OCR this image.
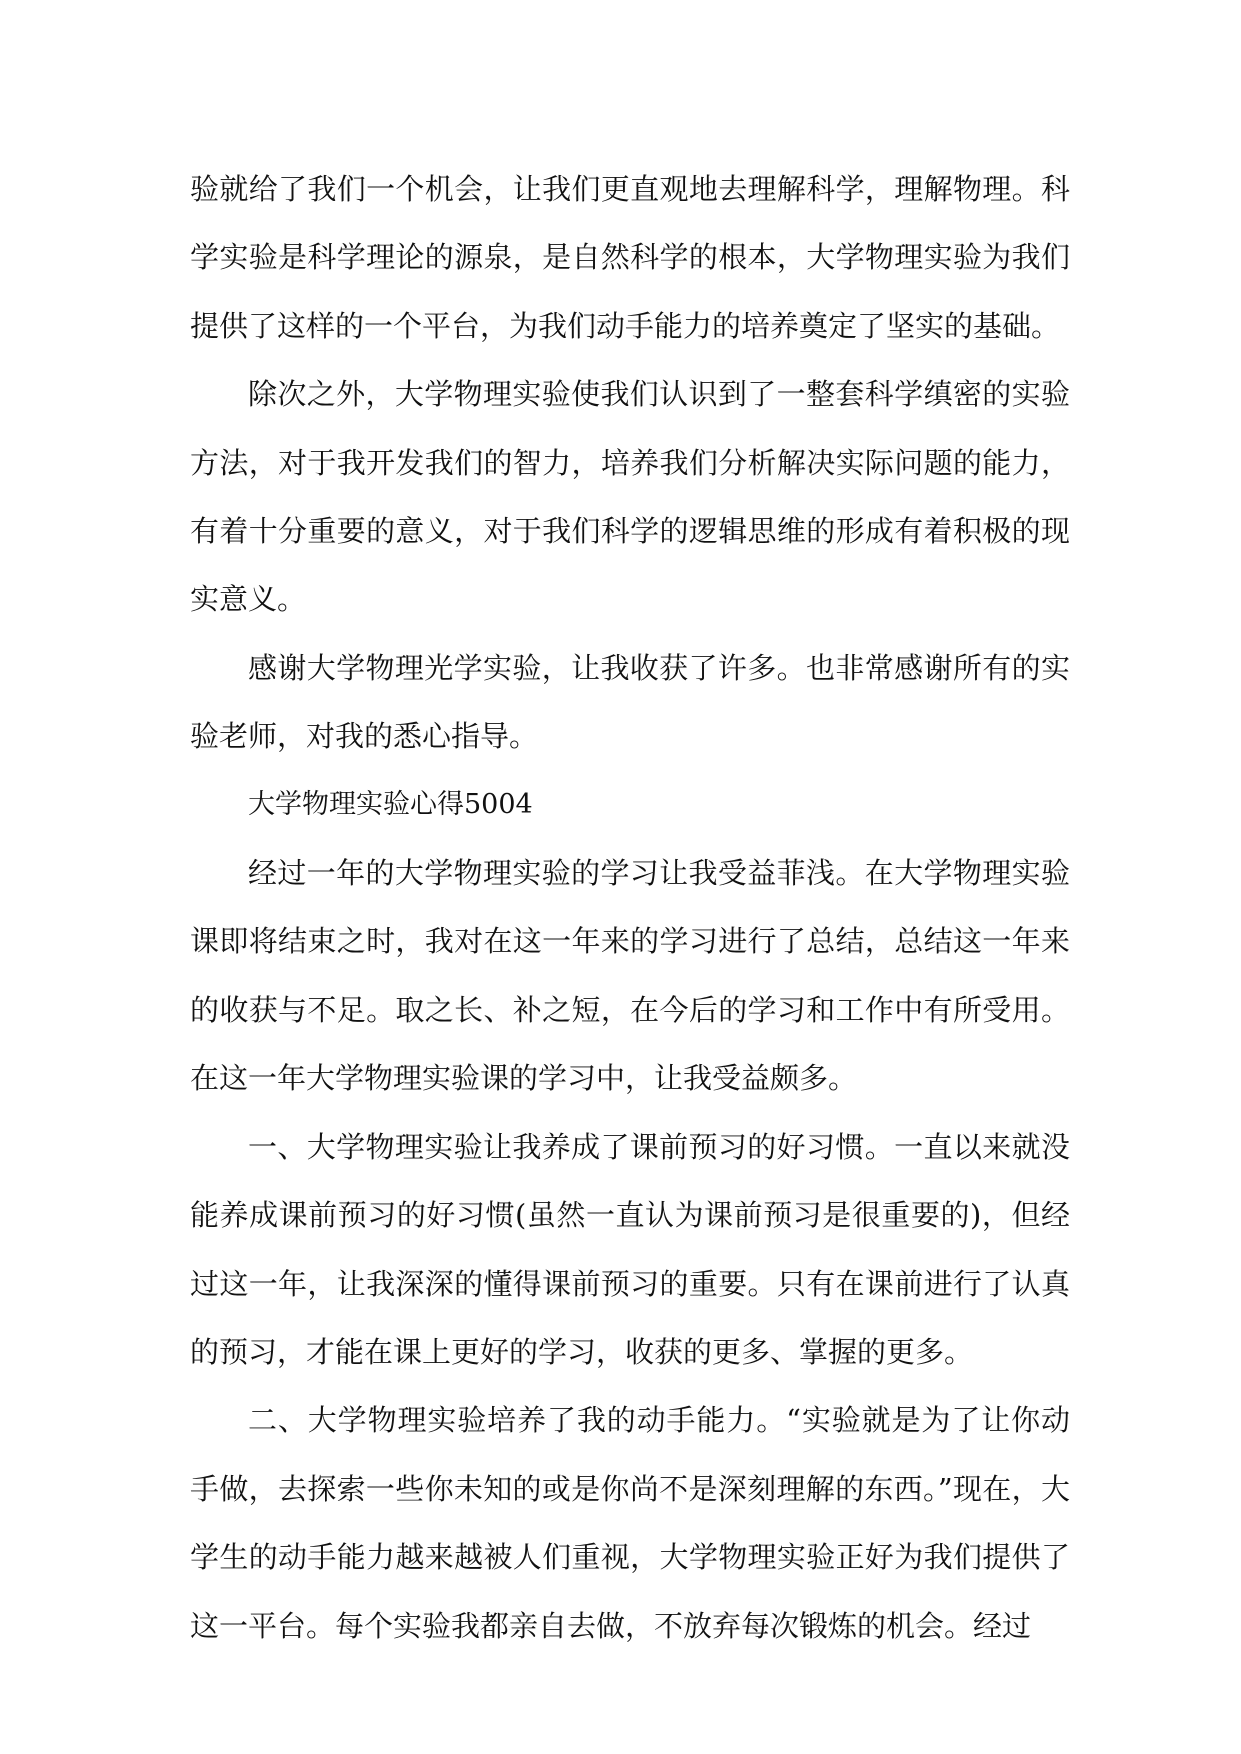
验就给了我们一个机会，让我们更直观地去理解科学，理解物理。科学实验是科学理论的源泉，是自然科学的根本，大学物理实验为我们提供了这样的一个平台，为我们动手能力的培养奠定了坚实的基础。

除次之外，大学物理实验使我们认识到了一整套科学缜密的实验方法，对于我开发我们的智力，培养我们分析解决实际问题的能力，有着十分重要的意义，对于我们科学的逻辑思维的形成有着积极的现实意义。

感谢大学物理光学实验，让我收获了许多。也非常感谢所有的实验老师，对我的悉心指导。

大学物理实验心得5004

经过一年的大学物理实验的学习让我受益菲浅。在大学物理实验课即将结束之时，我对在这一年来的学习进行了总结，总结这一年来的收获与不足。取之长、补之短，在今后的学习和工作中有所受用。在这一年大学物理实验课的学习中，让我受益颇多。

一、大学物理实验让我养成了课前预习的好习惯。一直以来就没能养成课前预习的好习惯(虽然一直认为课前预习是很重要的)，但经过这一年，让我深深的懂得课前预习的重要。只有在课前进行了认真的预习，才能在课上更好的学习，收获的更多、掌握的更多。

二、大学物理实验培养了我的动手能力。“实验就是为了让你动手做，去探索一些你未知的或是你尚不是深刻理解的东西。”现在，大学生的动手能力越来越被人们重视，大学物理实验正好为我们提供了这一平台。每个实验我都亲自去做，不放弃每次锻炼的机会。经过
